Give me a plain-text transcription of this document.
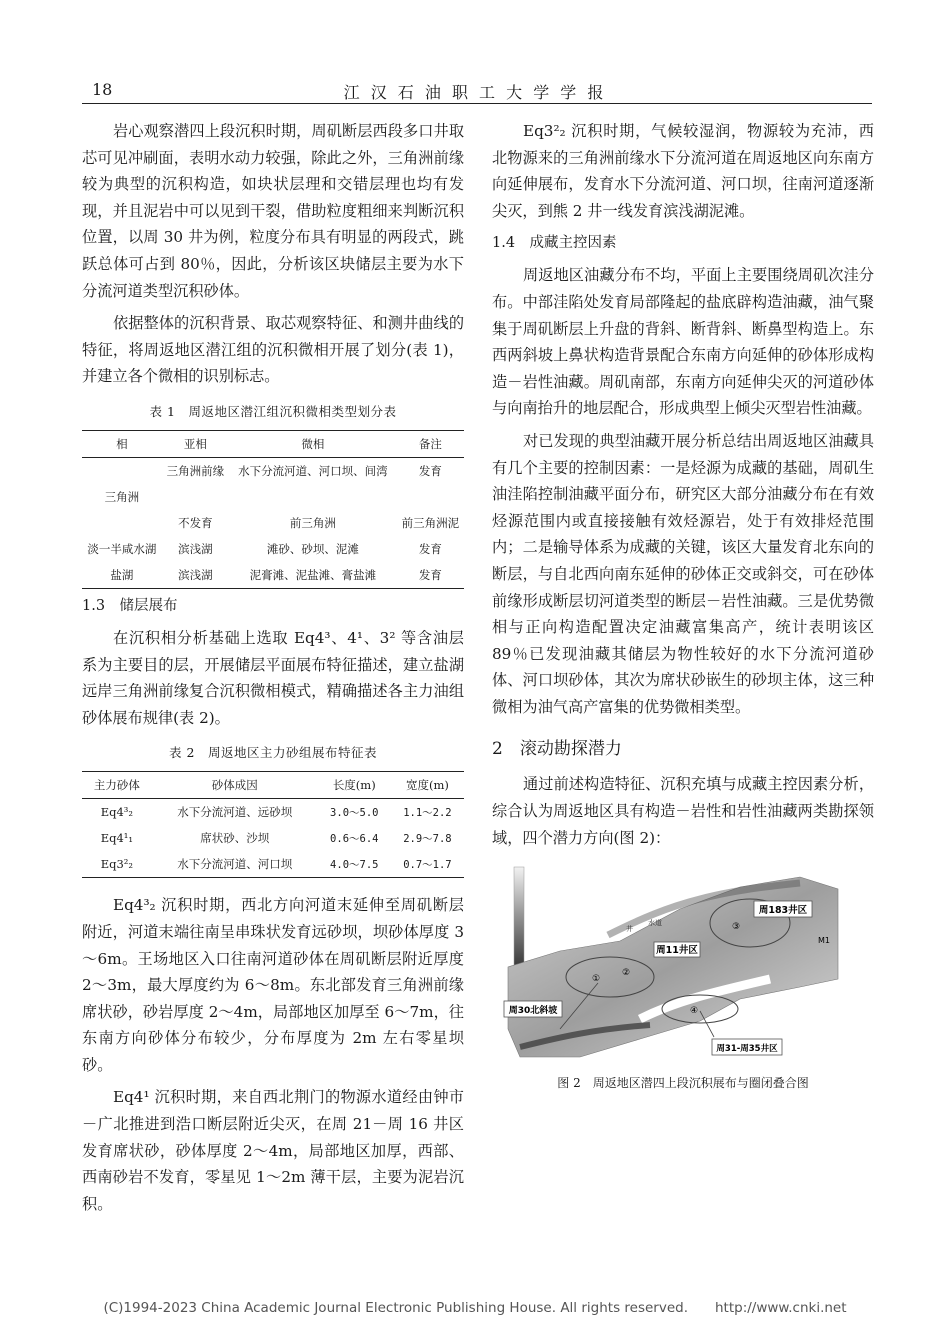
18	江 汉 石 油 职 工 大 学 学 报

岩心观察潜四上段沉积时期，周矶断层西段多口井取芯可见冲刷面，表明水动力较强，除此之外，三角洲前缘较为典型的沉积构造，如块状层理和交错层理也均有发现，并且泥岩中可以见到干裂，借助粒度粗细来判断沉积位置，以周 30 井为例，粒度分布具有明显的两段式，跳跃总体可占到 80％，因此，分析该区块储层主要为水下分流河道类型沉积砂体。

依据整体的沉积背景、取芯观察特征、和测井曲线的特征，将周返地区潜江组的沉积微相开展了划分(表 1)，并建立各个微相的识别标志。

表 1　周返地区潜江组沉积微相类型划分表
相	亚相	微相	备注
	三角洲前缘	水下分流河道、河口坝、间湾	发育
三角洲			
	不发育	前三角洲	前三角洲泥
淡一半咸水湖	滨浅湖	滩砂、砂坝、泥滩	发育
盐湖	滨浅湖	泥膏滩、泥盐滩、膏盐滩	发育
1.3　储层展布

在沉积相分析基础上选取 Eq4³、4¹、3² 等含油层系为主要目的层，开展储层平面展布特征描述，建立盐湖远岸三角洲前缘复合沉积微相模式，精确描述各主力油组砂体展布规律(表 2)。

表 2　周返地区主力砂组展布特征表
主力砂体	砂体成因	长度(m)	宽度(m)
Eq4³₂	水下分流河道、远砂坝	3.0～5.0	1.1～2.2
Eq4¹₁	席状砂、沙坝	0.6～6.4	2.9～7.8
Eq3²₂	水下分流河道、河口坝	4.0～7.5	0.7～1.7

Eq4³₂ 沉积时期，西北方向河道末延伸至周矶断层附近，河道末端往南呈串珠状发育远砂坝，坝砂体厚度 3～6m。王场地区入口往南河道砂体在周矶断层附近厚度 2～3m，最大厚度约为 6～8m。东北部发育三角洲前缘席状砂，砂岩厚度 2～4m，局部地区加厚至 6～7m，往东南方向砂体分布较少，分布厚度为 2m 左右零星坝砂。

Eq4¹ 沉积时期，来自西北荆门的物源水道经由钟市－广北推进到浩口断层附近尖灭，在周 21－周 16 井区发育席状砂，砂体厚度 2～4m，局部地区加厚，西部、西南砂岩不发育，零星见 1～2m 薄干层，主要为泥岩沉积。

Eq3²₂ 沉积时期，气候较湿润，物源较为充沛，西北物源来的三角洲前缘水下分流河道在周返地区向东南方向延伸展布，发育水下分流河道、河口坝，往南河道逐渐尖灭，到熊 2 井一线发育滨浅湖泥滩。

1.4　成藏主控因素

周返地区油藏分布不均，平面上主要围绕周矶次洼分布。中部洼陷处发育局部隆起的盐底辟构造油藏，油气聚集于周矶断层上升盘的背斜、断背斜、断鼻型构造上。东西两斜坡上鼻状构造背景配合东南方向延伸的砂体形成构造－岩性油藏。周矶南部，东南方向延伸尖灭的河道砂体与向南抬升的地层配合，形成典型上倾尖灭型岩性油藏。

对已发现的典型油藏开展分析总结出周返地区油藏具有几个主要的控制因素：一是烃源为成藏的基础，周矶生油洼陷控制油藏平面分布，研究区大部分油藏分布在有效烃源范围内或直接接触有效烃源岩，处于有效排烃范围内；二是输导体系为成藏的关键，该区大量发育北东向的断层，与自北西向南东延伸的砂体正交或斜交，可在砂体前缘形成断层切河道类型的断层－岩性油藏。三是优势微相与正向构造配置决定油藏富集高产，统计表明该区 89％已发现油藏其储层为物性较好的水下分流河道砂体、河口坝砂体，其次为席状砂嵌生的砂坝主体，这三种微相为油气高产富集的优势微相类型。

2　滚动勘探潜力

通过前述构造特征、沉积充填与成藏主控因素分析，综合认为周返地区具有构造－岩性和岩性油藏两类勘探领域，四个潜力方向(图 2)：

周183井区
周11井区
周30北斜坡
周31-周35井区
M1
①
②
③
④
水道
井
图 2　周返地区潜四上段沉积展布与圈闭叠合图
(C)1994-2023 China Academic Journal Electronic Publishing House. All rights reserved.　　http://www.cnki.net
